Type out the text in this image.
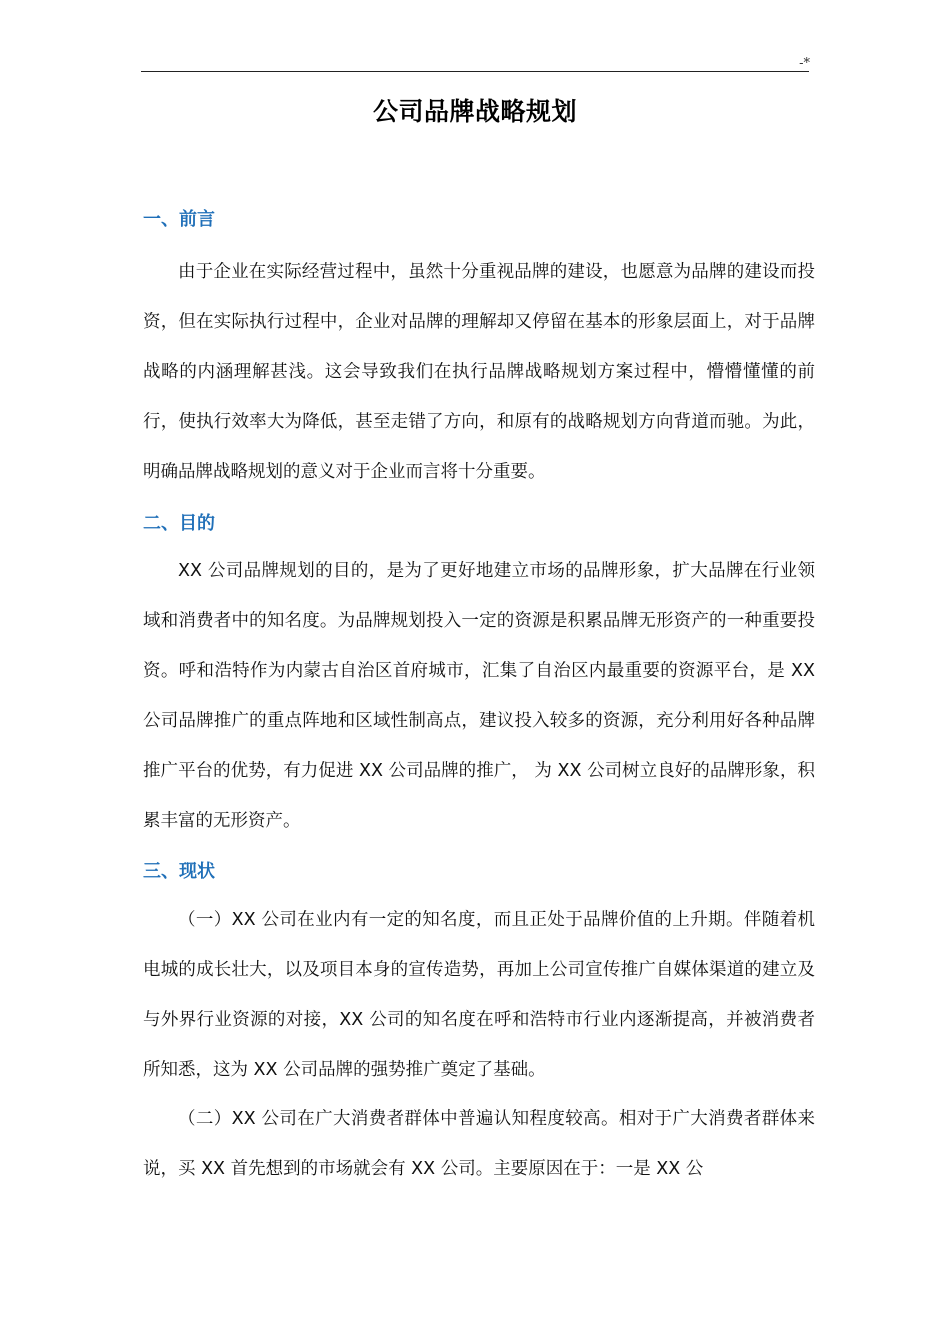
-*
公司品牌战略规划
一、前言

由于企业在实际经营过程中，虽然十分重视品牌的建设，也愿意为品牌的建设而投资，但在实际执行过程中，企业对品牌的理解却又停留在基本的形象层面上，对于品牌战略的内涵理解甚浅。这会导致我们在执行品牌战略规划方案过程中，懵懵懂懂的前行，使执行效率大为降低，甚至走错了方向，和原有的战略规划方向背道而驰。为此，明确品牌战略规划的意义对于企业而言将十分重要。

二、目的

XX 公司品牌规划的目的，是为了更好地建立市场的品牌形象，扩大品牌在行业领域和消费者中的知名度。为品牌规划投入一定的资源是积累品牌无形资产的一种重要投资。呼和浩特作为内蒙古自治区首府城市，汇集了自治区内最重要的资源平台，是 XX 公司品牌推广的重点阵地和区域性制高点，建议投入较多的资源，充分利用好各种品牌推广平台的优势，有力促进 XX 公司品牌的推广， 为 XX 公司树立良好的品牌形象，积累丰富的无形资产。

三、现状

（一）XX 公司在业内有一定的知名度，而且正处于品牌价值的上升期。伴随着机电城的成长壮大，以及项目本身的宣传造势，再加上公司宣传推广自媒体渠道的建立及与外界行业资源的对接，XX 公司的知名度在呼和浩特市行业内逐渐提高，并被消费者所知悉，这为 XX 公司品牌的强势推广奠定了基础。

（二）XX 公司在广大消费者群体中普遍认知程度较高。相对于广大消费者群体来说，买 XX 首先想到的市场就会有 XX 公司。主要原因在于：一是 XX 公
